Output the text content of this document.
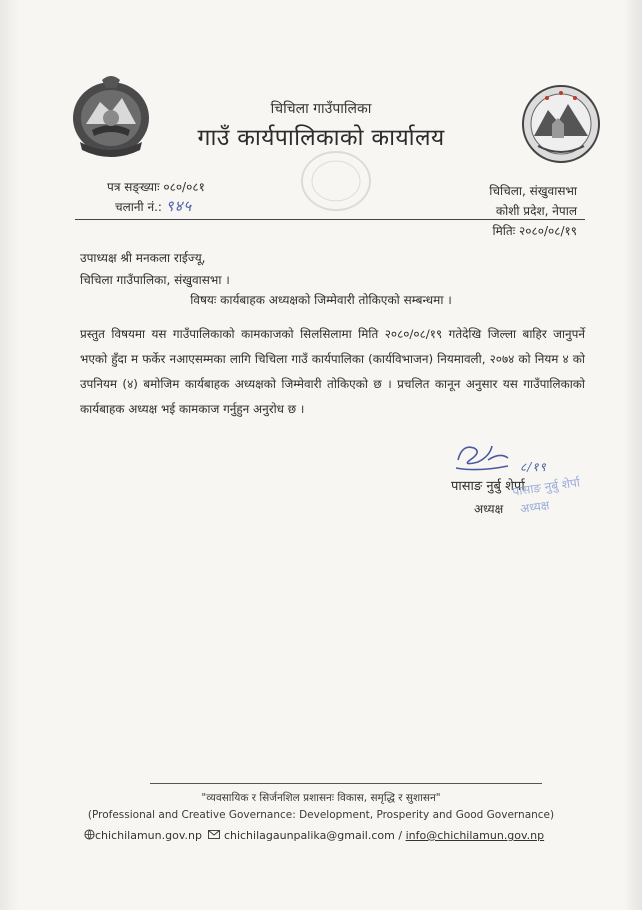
चिचिला गाउँपालिका
गाउँ कार्यपालिकाको कार्यालय
पत्र सङ्ख्याः ०८०/०८१
चलानी नं.: ९४५
चिचिला, संखुवासभा
कोशी प्रदेश, नेपाल
मितिः २०८०/०८/१९
उपाध्यक्ष श्री मनकला राईज्यू,
चिचिला गाउँपालिका, संखुवासभा ।
विषयः कार्यबाहक अध्यक्षको जिम्मेवारी तोकिएको सम्बन्धमा ।
प्रस्तुत विषयमा यस गाउँपालिकाको कामकाजको सिलसिलामा मिति २०८०/०८/१९ गतेदेखि जिल्ला बाहिर जानुपर्ने भएको हुँदा म फर्केर नआएसम्मका लागि चिचिला गाउँ कार्यपालिका (कार्यविभाजन) नियमावली, २०७४ को नियम ४ को उपनियम (४) बमोजिम कार्यबाहक अध्यक्षको जिम्मेवारी तोकिएको छ । प्रचलित कानून अनुसार यस गाउँपालिकाको कार्यबाहक अध्यक्ष भई कामकाज गर्नुहुन अनुरोध छ ।
८/१९
पासाङ नुर्बु शेर्पा
अध्यक्ष
पासाङ नुर्बु शेर्पा
अध्यक्ष
"व्यवसायिक र सिर्जनशिल प्रशासनः विकास, समृद्धि र सुशासन"
(Professional and Creative Governance: Development, Prosperity and Good Governance)
chichilamun.gov.np chichilagaunpalika@gmail.com / info@chichilamun.gov.np
